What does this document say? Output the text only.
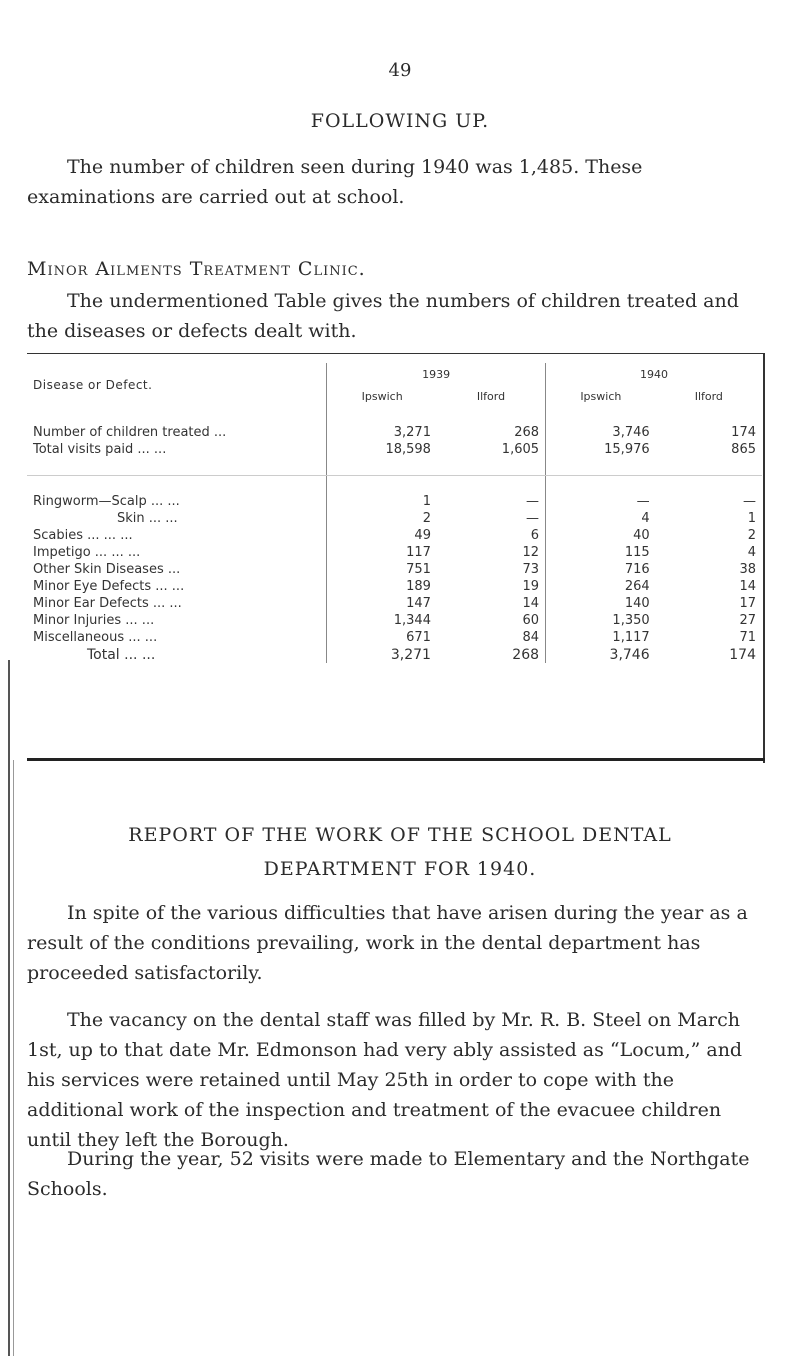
49
FOLLOWING UP.

The number of children seen during 1940 was 1,485. These examinations are carried out at school.

Minor Ailments Treatment Clinic.

The undermentioned Table gives the numbers of children treated and the diseases or defects dealt with.

Disease or Defect.	1939		1940	
	Ipswich	Ilford	Ipswich	Ilford

Number of children treated ...	3,271	268	3,746	174
Total visits paid ... ...	18,598	1,605	15,976	865

Ringworm—Scalp ... ...	1	—	—	—
Skin ... ...	2	—	4	1
Scabies ... ... ...	49	6	40	2
Impetigo ... ... ...	117	12	115	4
Other Skin Diseases ...	751	73	716	38
Minor Eye Defects ... ...	189	19	264	14
Minor Ear Defects ... ...	147	14	140	17
Minor Injuries ... ...	1,344	60	1,350	27
Miscellaneous ... ...	671	84	1,117	71
Total ... ...	3,271	268	3,746	174
REPORT OF THE WORK OF THE SCHOOL DENTAL
DEPARTMENT FOR 1940.

In spite of the various difficulties that have arisen during the year as a result of the conditions prevailing, work in the dental department has proceeded satisfactorily.

The vacancy on the dental staff was filled by Mr. R. B. Steel on March 1st, up to that date Mr. Edmonson had very ably assisted as “Locum,” and his services were retained until May 25th in order to cope with the additional work of the inspection and treatment of the evacuee children until they left the Borough.

During the year, 52 visits were made to Elementary and the Northgate Schools.
